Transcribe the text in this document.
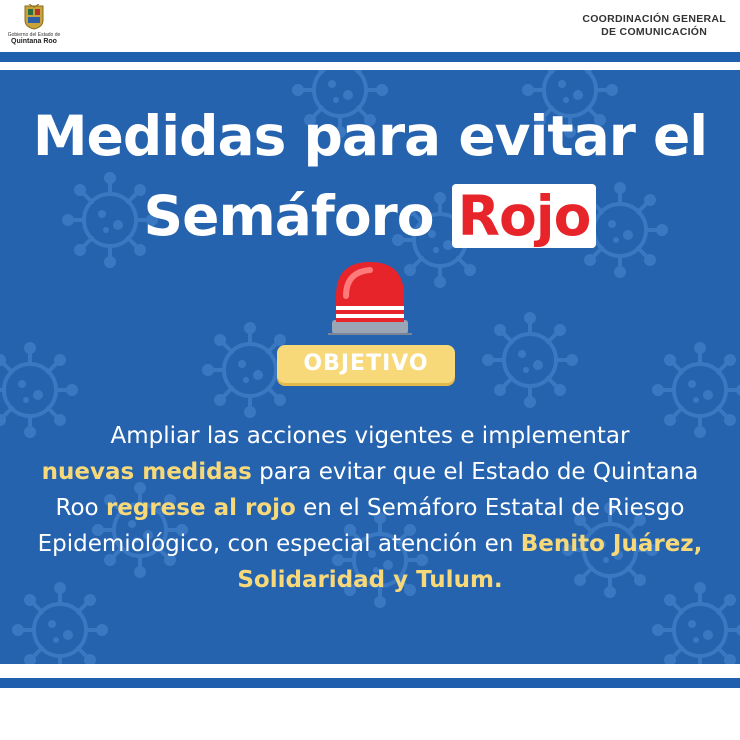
Gobierno del Estado de
Quintana Roo
COORDINACIÓN GENERAL
DE COMUNICACIÓN
Medidas para evitar el
Semáforo Rojo
OBJETIVO
Ampliar las acciones vigentes e implementar
nuevas medidas para evitar que el Estado de Quintana Roo regrese al rojo en el Semáforo Estatal de Riesgo Epidemiológico, con especial atención en Benito Juárez, Solidaridad y Tulum.
